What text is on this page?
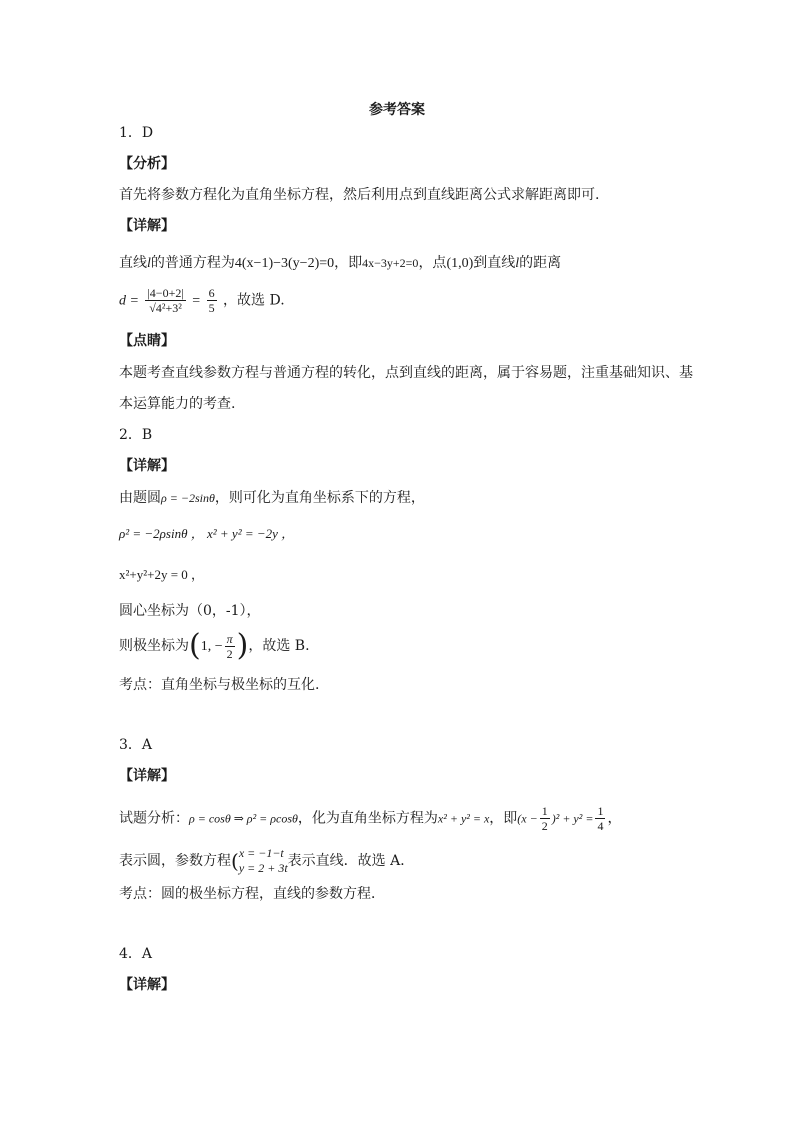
参考答案
1．D
【分析】
首先将参数方程化为直角坐标方程，然后利用点到直线距离公式求解距离即可.
【详解】
直线l的普通方程为4(x−1)−3(y−2)=0，即4x−3y+2=0，点(1,0)到直线l的距离
$d = \frac{|4-0+2|}{\text{√4²+3²}} = \frac{6}{5}$ ，故选 D.
【点睛】
本题考查直线参数方程与普通方程的转化，点到直线的距离，属于容易题，注重基础知识、基
本运算能力的考查.
2．B
【详解】
由题圆ρ = −2sinθ，则可化为直角坐标系下的方程，
ρ² = −2ρsinθ ， x² + y² = −2y ，
x²+y²+2y = 0 ，
圆心坐标为（0，-1），
则极坐标为(1, − $\frac{\pi}{2}$ )，故选 B.
考点：直角坐标与极坐标的互化.
3．A
【详解】
试题分析：ρ = cosθ ⇒ ρ² = ρcosθ，化为直角坐标方程为x² + y² = x，即$(x - \frac{1}{2} )^2 + y^2 = \frac{1}{4}$ ，
表示圆，参数方程( x = −1−t
y = 2 + 3t 表示直线．故选 A．
考点：圆的极坐标方程，直线的参数方程．
4．A
【详解】
